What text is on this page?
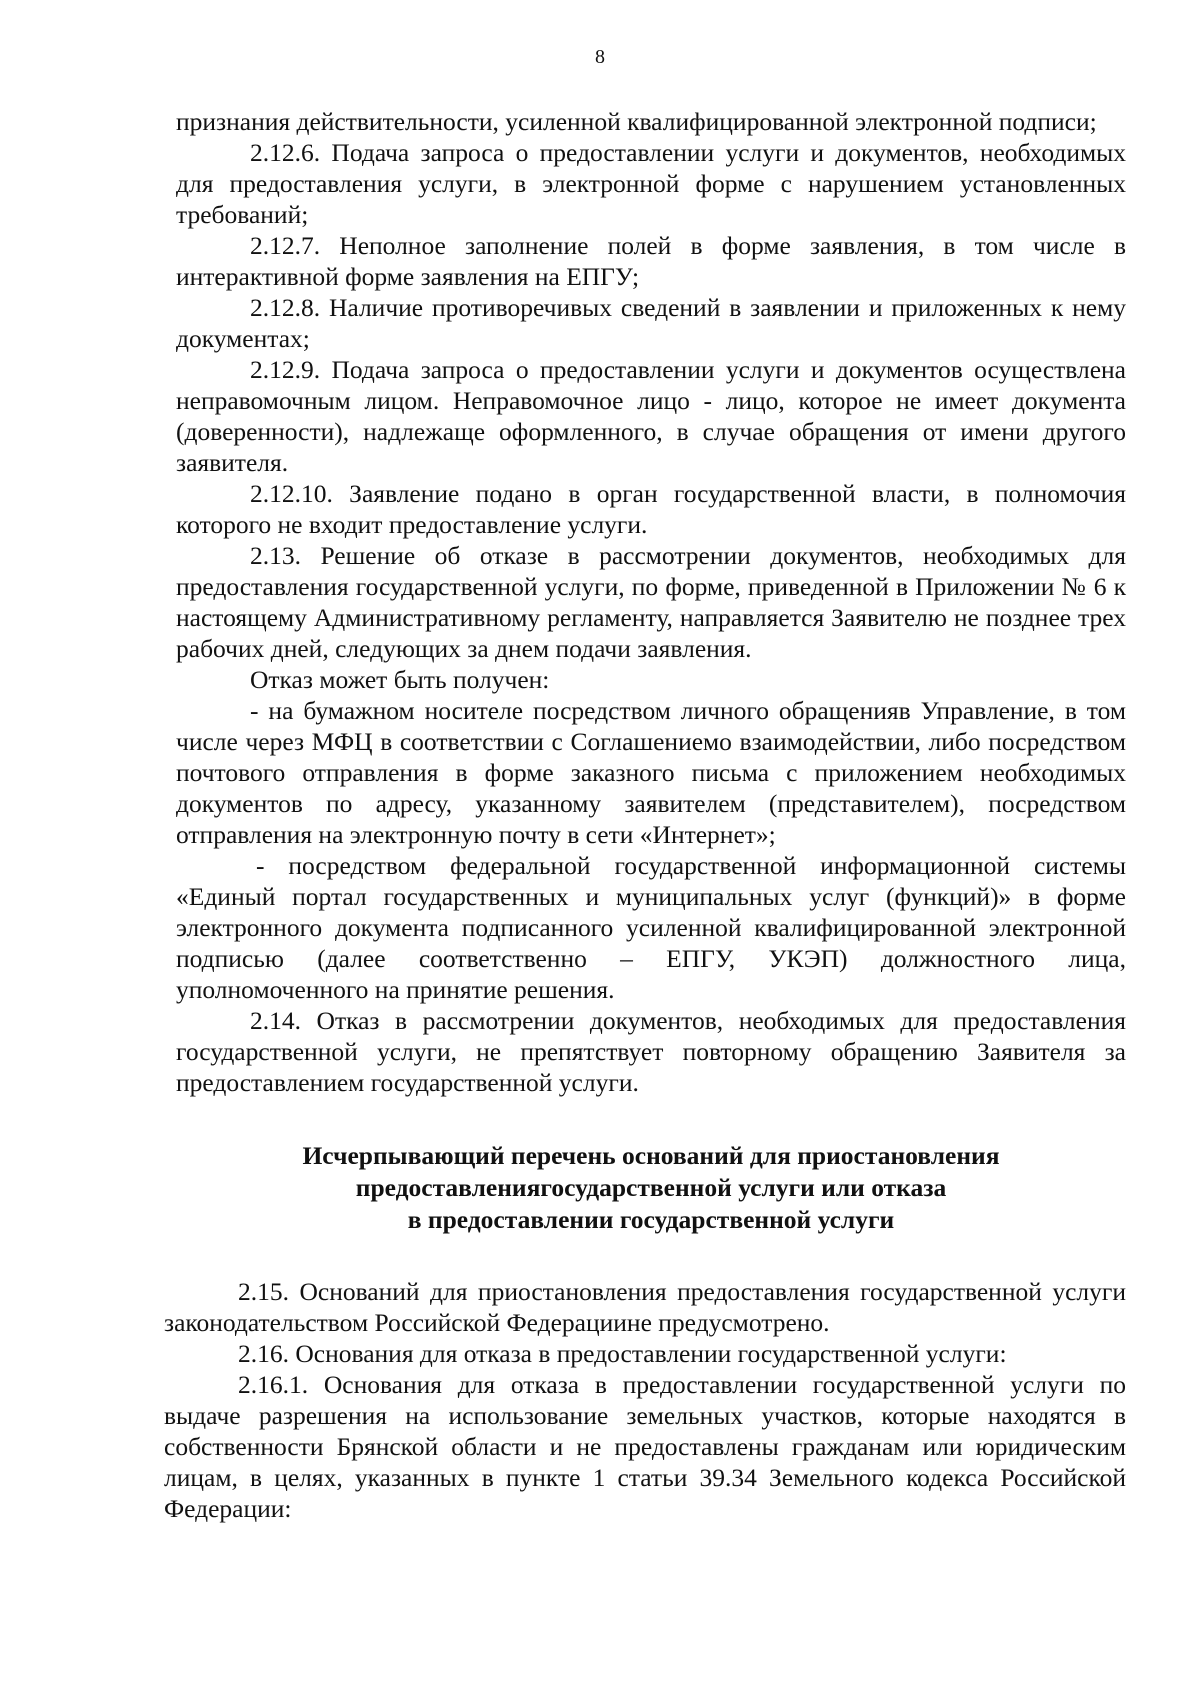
8

признания действительности, усиленной квалифицированной электронной подписи;

2.12.6. Подача запроса о предоставлении услуги и документов, необходимых для предоставления услуги, в электронной форме с нарушением установленных требований;

2.12.7. Неполное заполнение полей в форме заявления, в том числе в интерактивной форме заявления на ЕПГУ;

2.12.8. Наличие противоречивых сведений в заявлении и приложенных к нему документах;

2.12.9. Подача запроса о предоставлении услуги и документов осуществлена неправомочным лицом. Неправомочное лицо - лицо, которое не имеет документа (доверенности), надлежаще оформленного, в случае обращения от имени другого заявителя.

2.12.10. Заявление подано в орган государственной власти, в полномочия которого не входит предоставление услуги.

2.13. Решение об отказе в рассмотрении документов, необходимых для предоставления государственной услуги, по форме, приведенной в Приложении № 6 к настоящему Административному регламенту, направляется Заявителю не позднее трех рабочих дней, следующих за днем подачи заявления.

Отказ может быть получен:

- на бумажном носителе посредством личного обращенияв Управление, в том числе через МФЦ в соответствии с Соглашениемо взаимодействии, либо посредством почтового отправления в форме заказного письма с приложением необходимых документов по адресу, указанному заявителем (представителем), посредством отправления на электронную почту в сети «Интернет»;

- посредством федеральной государственной информационной системы «Единый портал государственных и муниципальных услуг (функций)» в форме электронного документа подписанного усиленной квалифицированной электронной подписью (далее соответственно – ЕПГУ, УКЭП) должностного лица, уполномоченного на принятие решения.

2.14. Отказ в рассмотрении документов, необходимых для предоставления государственной услуги, не препятствует повторному обращению Заявителя за предоставлением государственной услуги.

Исчерпывающий перечень оснований для приостановления
предоставлениягосударственной услуги или отказа
в предоставлении государственной услуги

2.15. Оснований для приостановления предоставления государственной услуги законодательством Российской Федерациине предусмотрено.

2.16. Основания для отказа в предоставлении государственной услуги:

2.16.1. Основания для отказа в предоставлении государственной услуги по выдаче разрешения на использование земельных участков, которые находятся в собственности Брянской области и не предоставлены гражданам или юридическим лицам, в целях, указанных в пункте 1 статьи 39.34 Земельного кодекса Российской Федерации:
